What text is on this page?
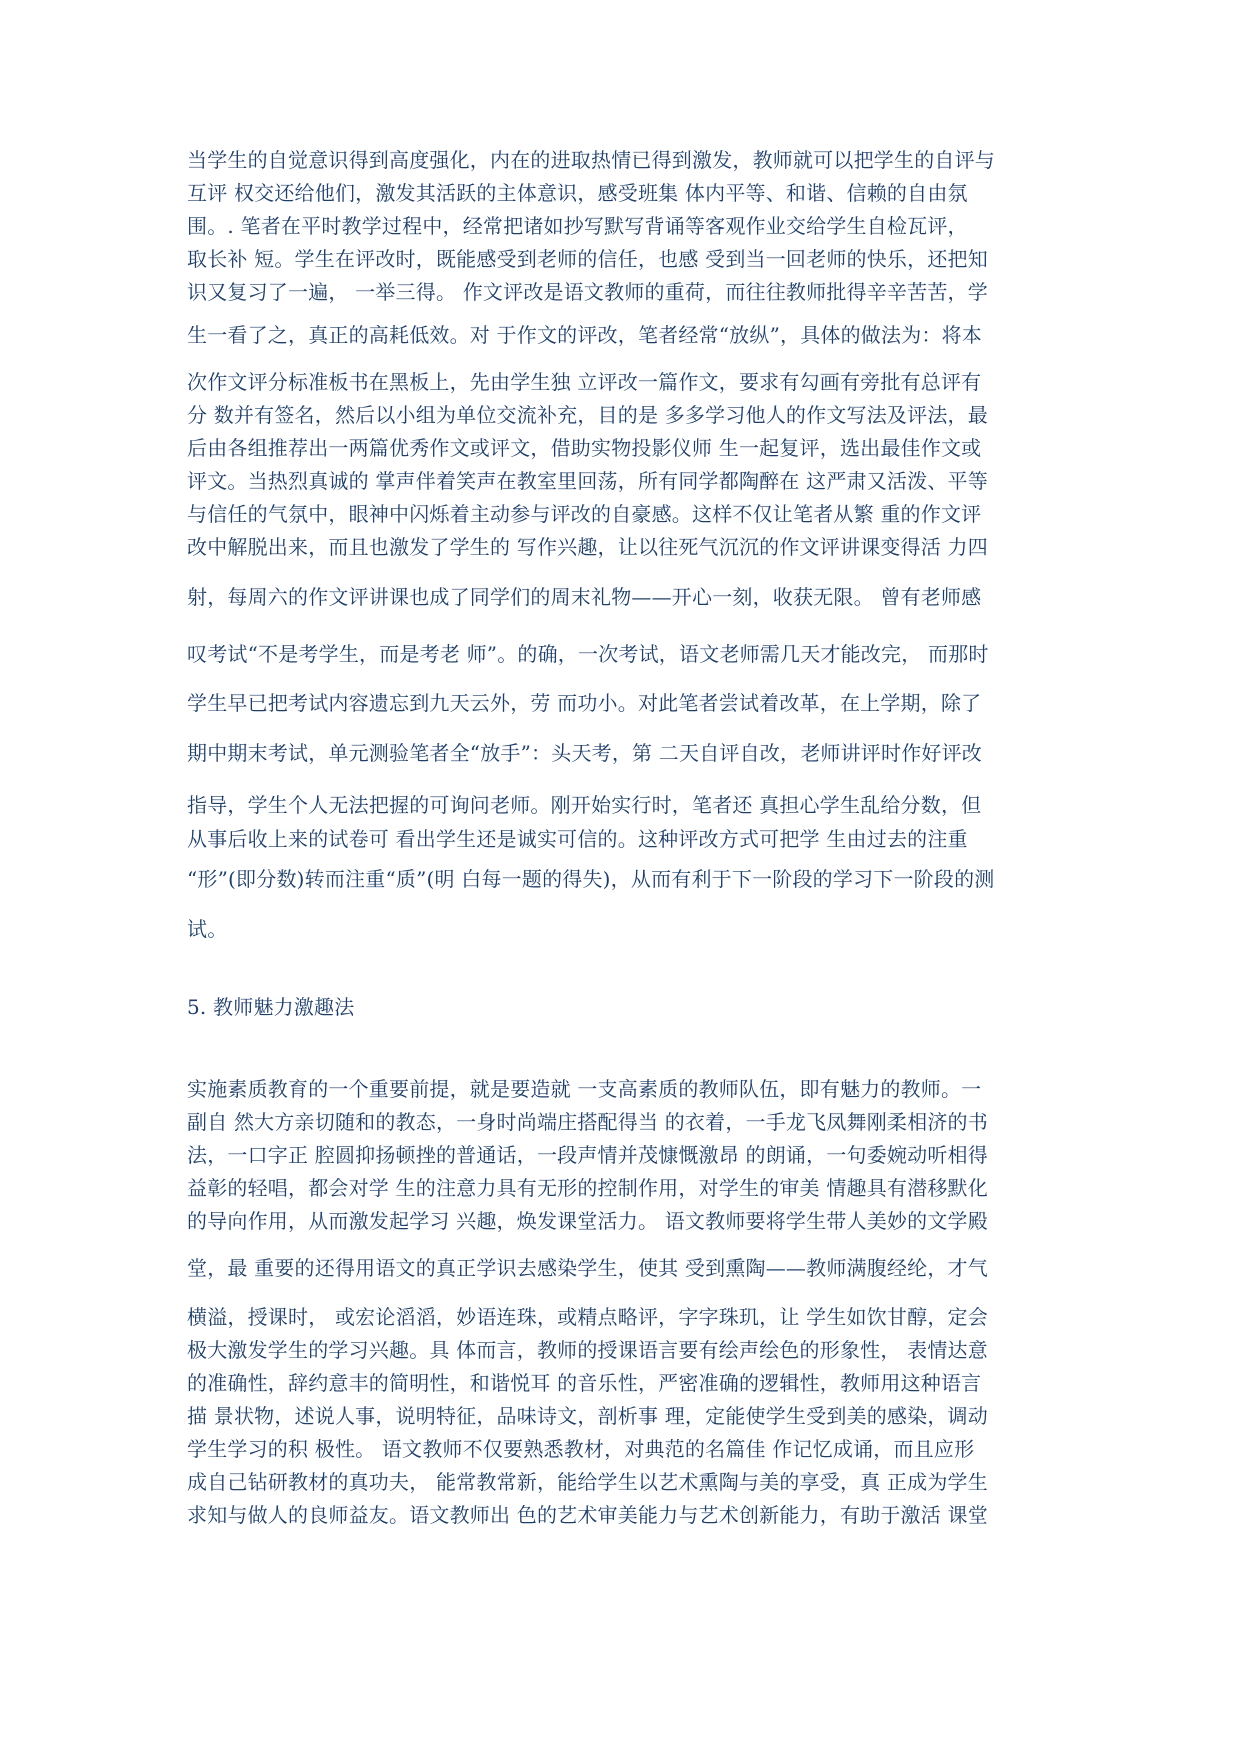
当学生的自觉意识得到高度强化，内在的进取热情已得到激发，教师就可以把学生的自评与
互评 权交还给他们，激发其活跃的主体意识，感受班集 体内平等、和谐、信赖的自由氛
围。. 笔者在平时教学过程中，经常把诸如抄写默写背诵等客观作业交给学生自检瓦评，
取长补 短。学生在评改时，既能感受到老师的信任，也感 受到当一回老师的快乐，还把知
识又复习了一遍， 一举三得。 作文评改是语文教师的重荷，而往往教师批得辛辛苦苦，学
生一看了之，真正的高耗低效。对 于作文的评改，笔者经常“放纵”，具体的做法为：将本
次作文评分标准板书在黑板上，先由学生独 立评改一篇作文，要求有勾画有旁批有总评有
分 数并有签名，然后以小组为单位交流补充，目的是 多多学习他人的作文写法及评法，最
后由各组推荐出一两篇优秀作文或评文，借助实物投影仪师 生一起复评，选出最佳作文或
评文。当热烈真诚的 掌声伴着笑声在教室里回荡，所有同学都陶醉在 这严肃又活泼、平等
与信任的气氛中，眼神中闪烁着主动参与评改的自豪感。这样不仅让笔者从繁 重的作文评
改中解脱出来，而且也激发了学生的 写作兴趣，让以往死气沉沉的作文评讲课变得活 力四
射，每周六的作文评讲课也成了同学们的周末礼物——开心一刻，收获无限。 曾有老师感
叹考试“不是考学生，而是考老 师”。的确，一次考试，语文老师需几天才能改完， 而那时
学生早已把考试内容遗忘到九天云外，劳 而功小。对此笔者尝试着改革，在上学期，除了
期中期末考试，单元测验笔者全“放手”：头天考，第 二天自评自改，老师讲评时作好评改
指导，学生个人无法把握的可询问老师。刚开始实行时，笔者还 真担心学生乱给分数，但
从事后收上来的试卷可 看出学生还是诚实可信的。这种评改方式可把学 生由过去的注重
“形”(即分数)转而注重“质”(明 白每一题的得失)，从而有利于下一阶段的学习下一阶段的测
试。
5. 教师魅力激趣法
实施素质教育的一个重要前提，就是要造就 一支高素质的教师队伍，即有魅力的教师。一
副自 然大方亲切随和的教态，一身时尚端庄搭配得当 的衣着，一手龙飞凤舞刚柔相济的书
法，一口字正 腔圆抑扬顿挫的普通话，一段声情并茂慷慨激昂 的朗诵，一句委婉动听相得
益彰的轻唱，都会对学 生的注意力具有无形的控制作用，对学生的审美 情趣具有潜移默化
的导向作用，从而激发起学习 兴趣，焕发课堂活力。 语文教师要将学生带人美妙的文学殿
堂，最 重要的还得用语文的真正学识去感染学生，使其 受到熏陶——教师满腹经纶，才气
横溢，授课时， 或宏论滔滔，妙语连珠，或精点略评，字字珠玑，让 学生如饮甘醇，定会
极大激发学生的学习兴趣。具 体而言，教师的授课语言要有绘声绘色的形象性， 表情达意
的准确性，辞约意丰的简明性，和谐悦耳 的音乐性，严密准确的逻辑性，教师用这种语言
描 景状物，述说人事，说明特征，品味诗文，剖析事 理，定能使学生受到美的感染，调动
学生学习的积 极性。 语文教师不仅要熟悉教材，对典范的名篇佳 作记忆成诵，而且应形
成自己钻研教材的真功夫， 能常教常新，能给学生以艺术熏陶与美的享受，真 正成为学生
求知与做人的良师益友。语文教师出 色的艺术审美能力与艺术创新能力，有助于激活 课堂
